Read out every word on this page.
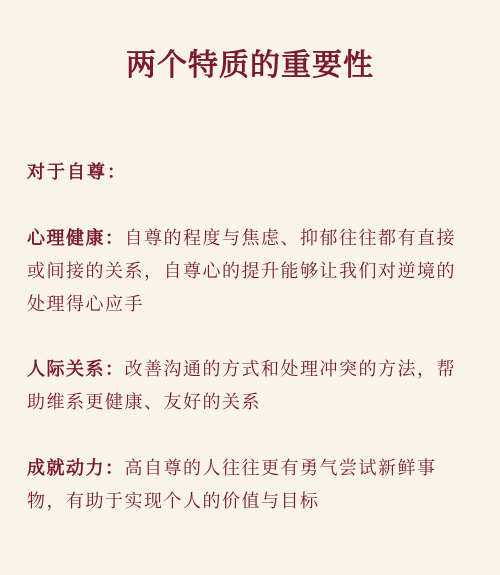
两个特质的重要性
对于自尊：
心理健康：自尊的程度与焦虑、抑郁往往都有直接或间接的关系，自尊心的提升能够让我们对逆境的处理得心应手
人际关系：改善沟通的方式和处理冲突的方法，帮助维系更健康、友好的关系
成就动力：高自尊的人往往更有勇气尝试新鲜事物，有助于实现个人的价值与目标
